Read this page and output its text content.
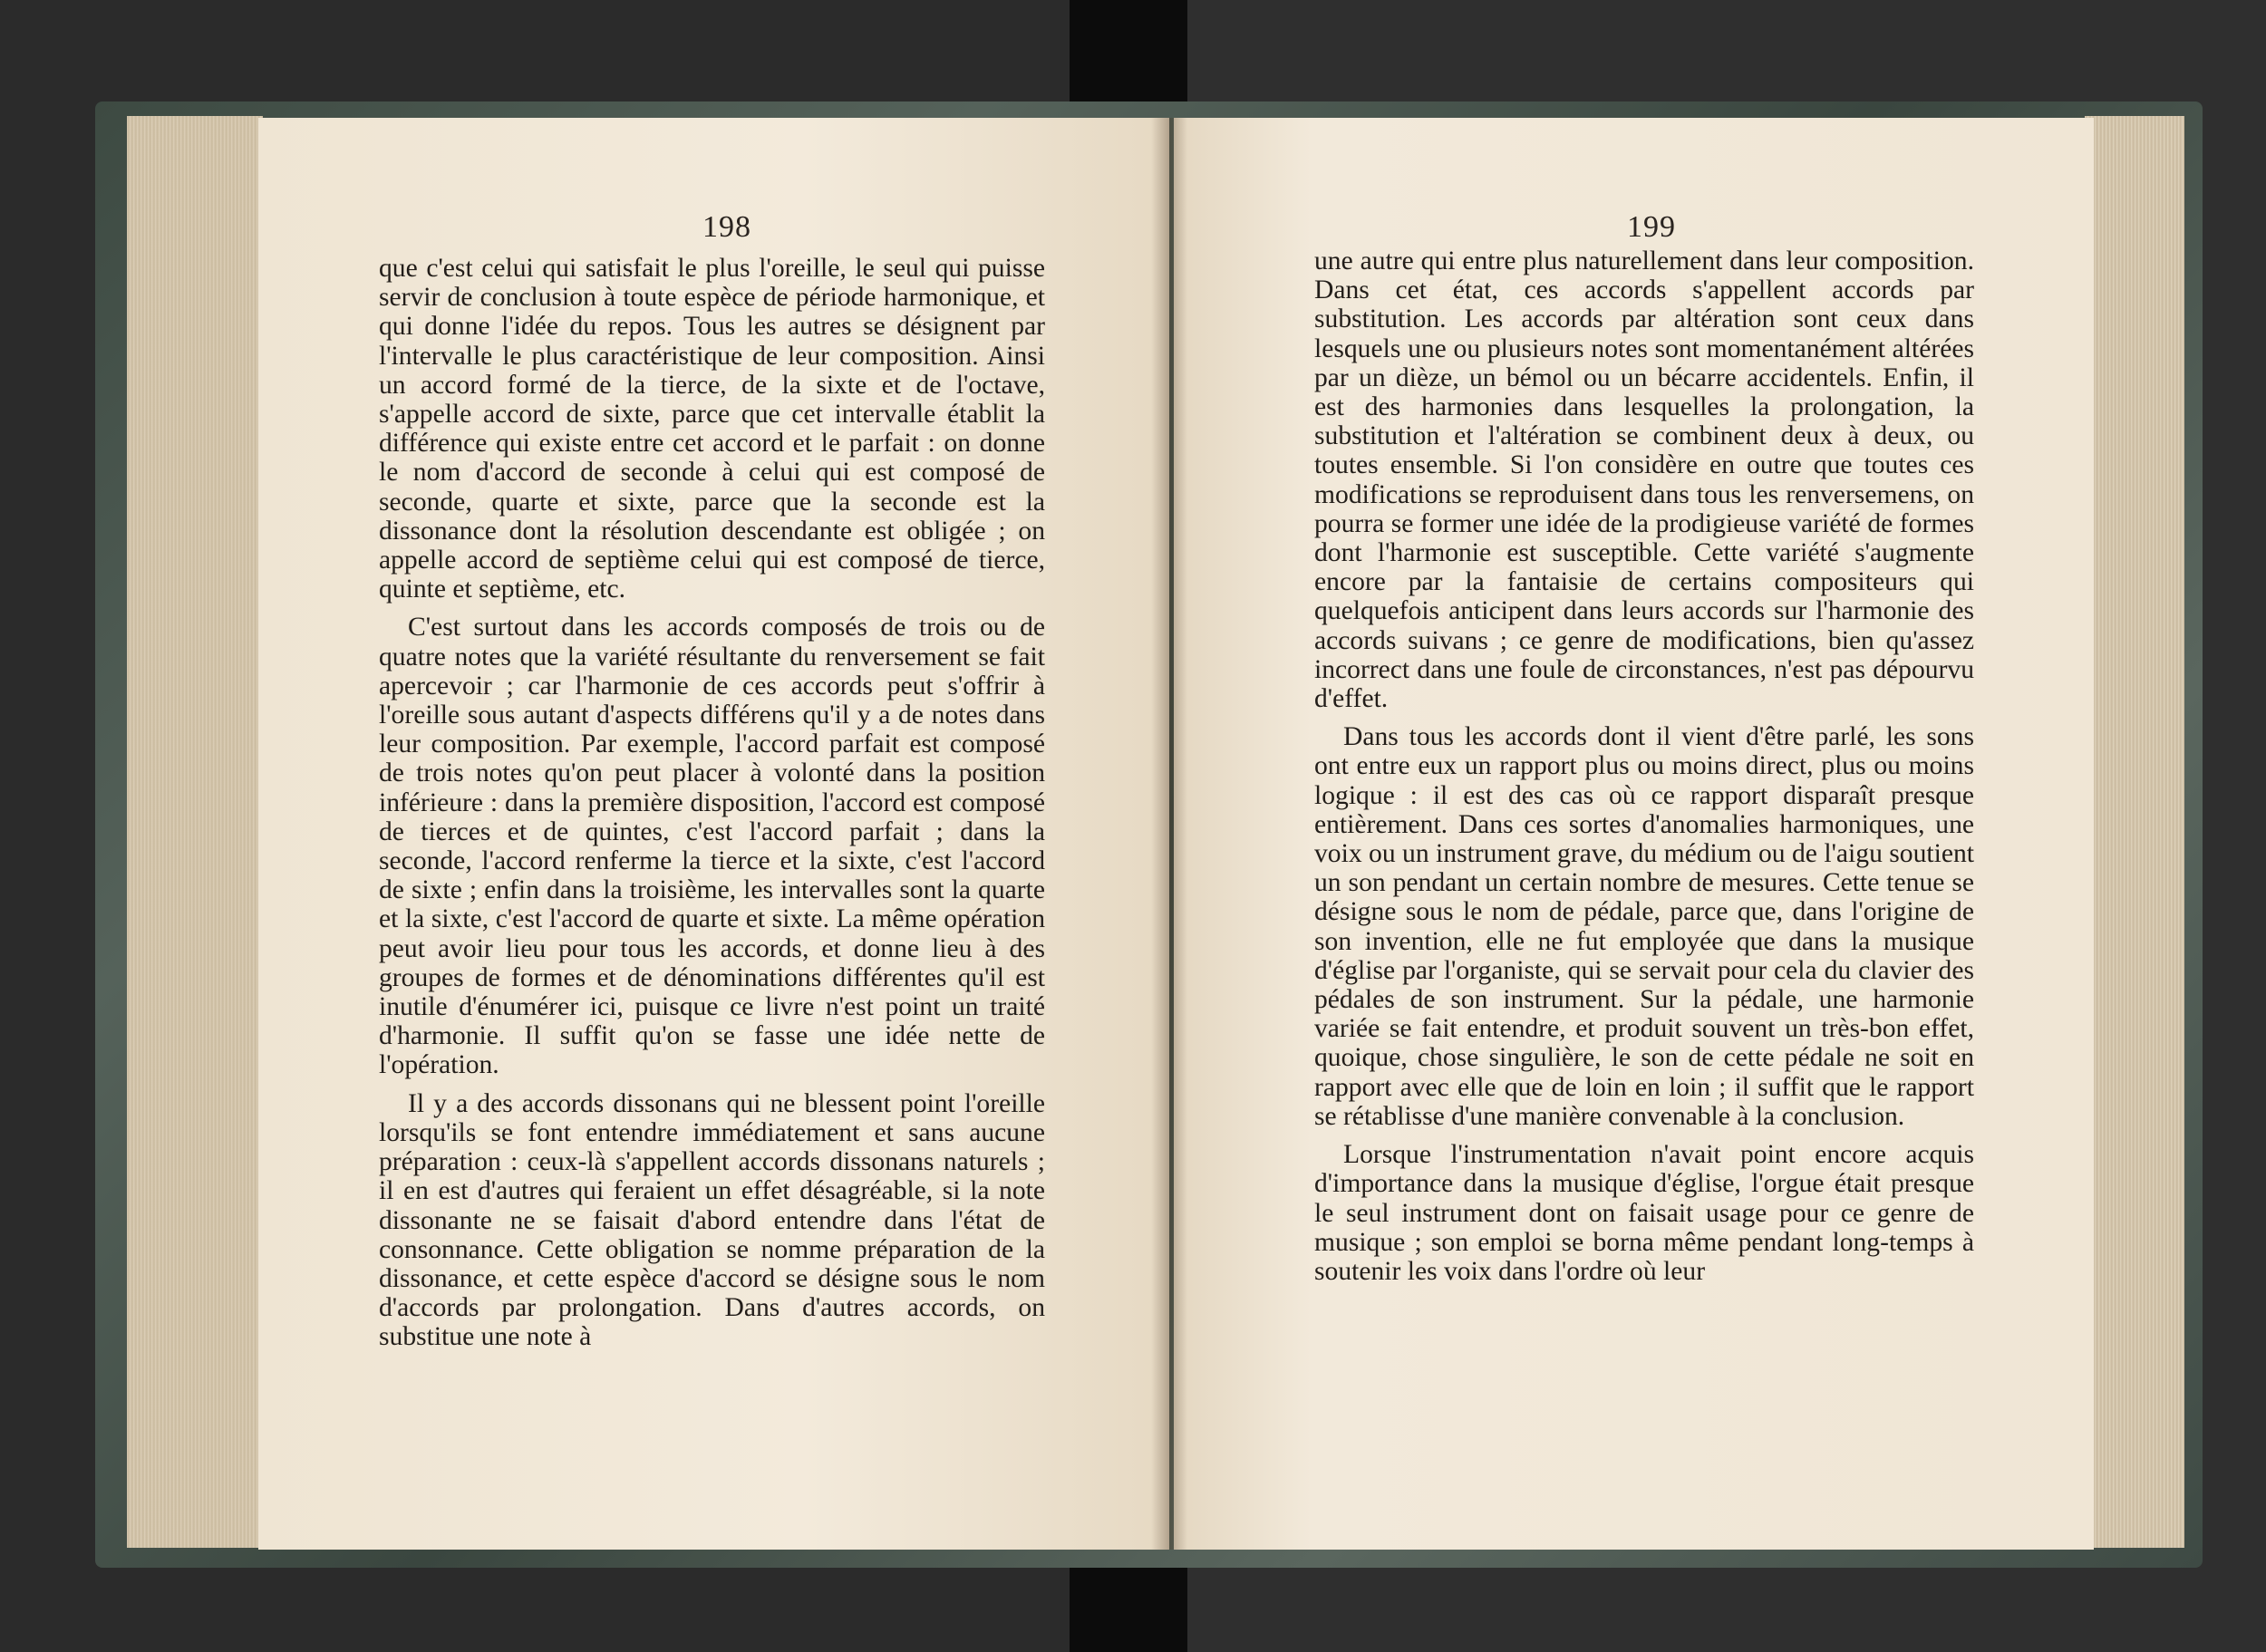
198

que c'est celui qui satisfait le plus l'oreille, le seul qui puisse servir de conclusion à toute espèce de période harmonique, et qui donne l'idée du repos. Tous les autres se désignent par l'intervalle le plus caractéristique de leur composition. Ainsi un accord formé de la tierce, de la sixte et de l'octave, s'appelle accord de sixte, parce que cet intervalle établit la différence qui existe entre cet accord et le parfait : on donne le nom d'accord de seconde à celui qui est composé de seconde, quarte et sixte, parce que la seconde est la dissonance dont la résolution descendante est obligée ; on appelle accord de septième celui qui est composé de tierce, quinte et septième, etc.

C'est surtout dans les accords composés de trois ou de quatre notes que la variété résultante du renversement se fait apercevoir ; car l'harmonie de ces accords peut s'offrir à l'oreille sous autant d'aspects différens qu'il y a de notes dans leur composition. Par exemple, l'accord parfait est composé de trois notes qu'on peut placer à volonté dans la position inférieure : dans la première disposition, l'accord est composé de tierces et de quintes, c'est l'accord parfait ; dans la seconde, l'accord renferme la tierce et la sixte, c'est l'accord de sixte ; enfin dans la troisième, les intervalles sont la quarte et la sixte, c'est l'accord de quarte et sixte. La même opération peut avoir lieu pour tous les accords, et donne lieu à des groupes de formes et de dénominations différentes qu'il est inutile d'énumérer ici, puisque ce livre n'est point un traité d'harmonie. Il suffit qu'on se fasse une idée nette de l'opération.

Il y a des accords dissonans qui ne blessent point l'oreille lorsqu'ils se font entendre immédiatement et sans aucune préparation : ceux-là s'appellent accords dissonans naturels ; il en est d'autres qui feraient un effet désagréable, si la note dissonante ne se faisait d'abord entendre dans l'état de consonnance. Cette obligation se nomme préparation de la dissonance, et cette espèce d'accord se désigne sous le nom d'accords par prolongation. Dans d'autres accords, on substitue une note à

199

une autre qui entre plus naturellement dans leur composition. Dans cet état, ces accords s'appellent accords par substitution. Les accords par altération sont ceux dans lesquels une ou plusieurs notes sont momentanément altérées par un dièze, un bémol ou un bécarre accidentels. Enfin, il est des harmonies dans lesquelles la prolongation, la substitution et l'altération se combinent deux à deux, ou toutes ensemble. Si l'on considère en outre que toutes ces modifications se reproduisent dans tous les renversemens, on pourra se former une idée de la prodigieuse variété de formes dont l'harmonie est susceptible. Cette variété s'augmente encore par la fantaisie de certains compositeurs qui quelquefois anticipent dans leurs accords sur l'harmonie des accords suivans ; ce genre de modifications, bien qu'assez incorrect dans une foule de circonstances, n'est pas dépourvu d'effet.

Dans tous les accords dont il vient d'être parlé, les sons ont entre eux un rapport plus ou moins direct, plus ou moins logique : il est des cas où ce rapport disparaît presque entièrement. Dans ces sortes d'anomalies harmoniques, une voix ou un instrument grave, du médium ou de l'aigu soutient un son pendant un certain nombre de mesures. Cette tenue se désigne sous le nom de pédale, parce que, dans l'origine de son invention, elle ne fut employée que dans la musique d'église par l'organiste, qui se servait pour cela du clavier des pédales de son instrument. Sur la pédale, une harmonie variée se fait entendre, et produit souvent un très-bon effet, quoique, chose singulière, le son de cette pédale ne soit en rapport avec elle que de loin en loin ; il suffit que le rapport se rétablisse d'une manière convenable à la conclusion.

Lorsque l'instrumentation n'avait point encore acquis d'importance dans la musique d'église, l'orgue était presque le seul instrument dont on faisait usage pour ce genre de musique ; son emploi se borna même pendant long-temps à soutenir les voix dans l'ordre où leur
